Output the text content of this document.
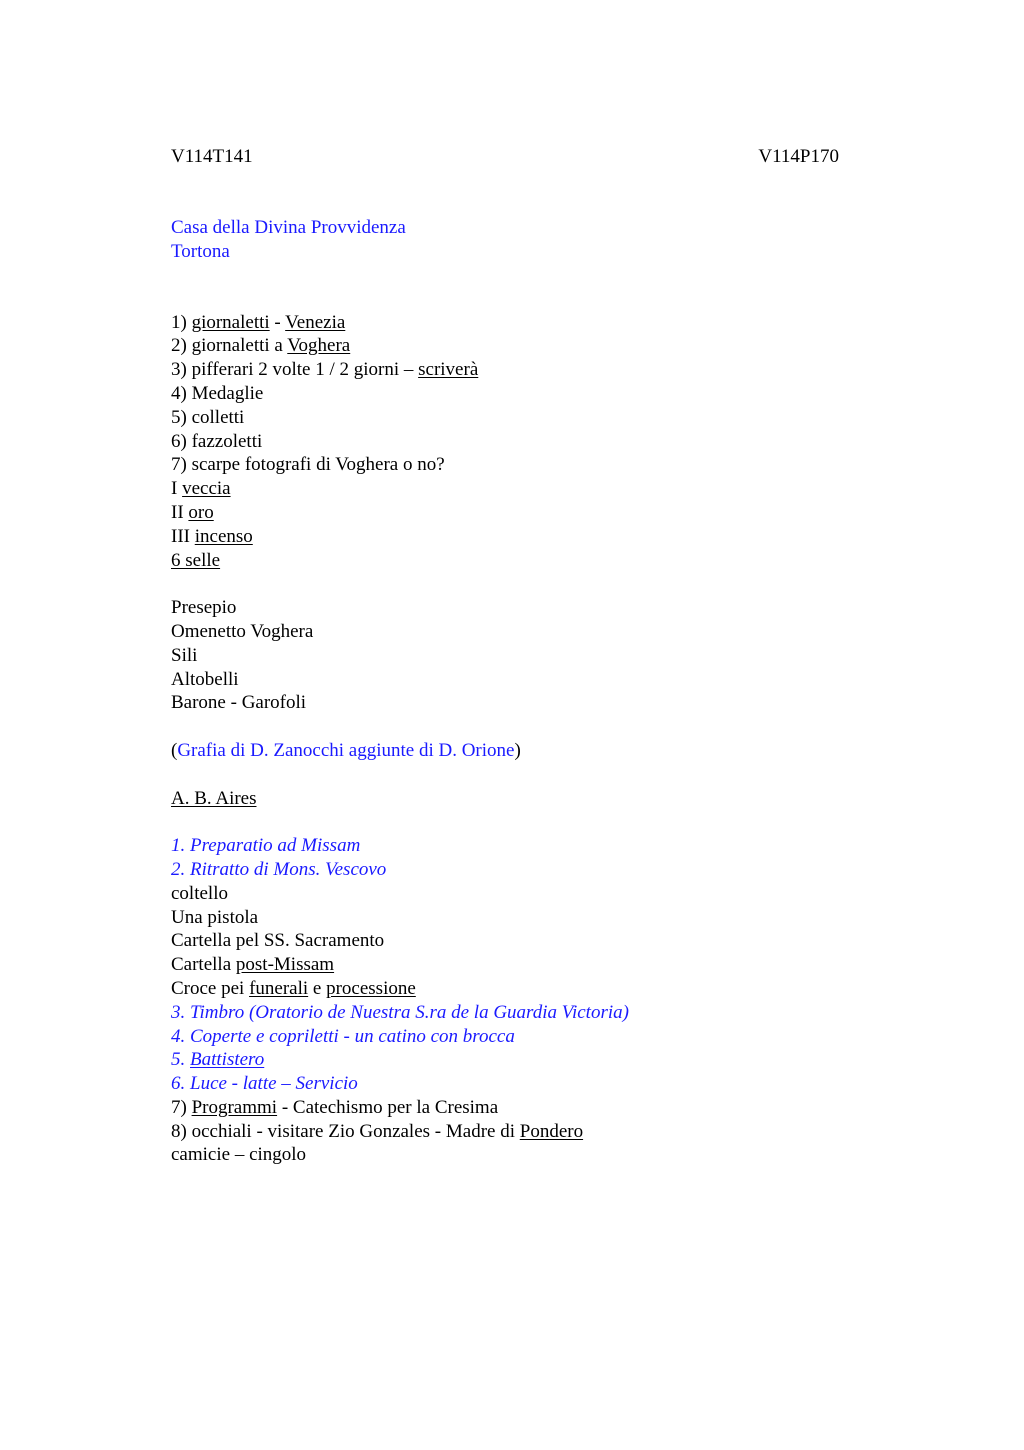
V114T141	V114P170
Casa della Divina Provvidenza
Tortona
1) giornaletti - Venezia
2) giornaletti a Voghera
3) pifferari 2 volte 1 / 2 giorni – scriverà
4) Medaglie
5) colletti
6) fazzoletti
7) scarpe fotografi di Voghera o no?
I veccia
II oro
III incenso
6 selle
Presepio
Omenetto Voghera
Sili
Altobelli
Barone - Garofoli
(Grafia di D. Zanocchi aggiunte di D. Orione)
A. B. Aires
1. Preparatio ad Missam
2. Ritratto di Mons. Vescovo
coltello
Una pistola
Cartella pel SS. Sacramento
Cartella post-Missam
Croce pei funerali e processione
3. Timbro (Oratorio de Nuestra S.ra de la Guardia Victoria)
4. Coperte e copriletti - un catino con brocca
5. Battistero
6. Luce - latte – Servicio
7) Programmi - Catechismo per la Cresima
8) occhiali - visitare Zio Gonzales - Madre di Pondero
camicie – cingolo
